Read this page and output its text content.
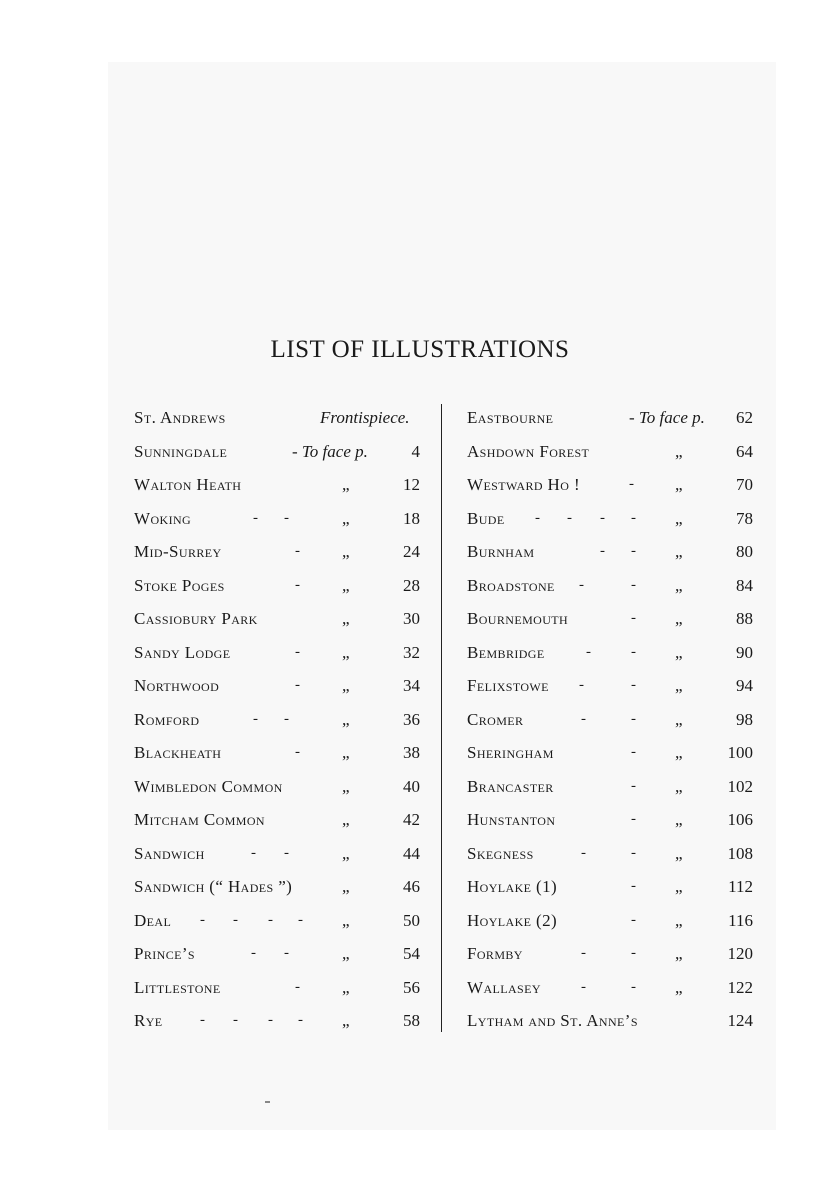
LIST OF ILLUSTRATIONS
St. Andrews	Frontispiece.
Sunningdale	- To face p.	4
Walton Heath	„	12
Woking	- - „	18
Mid-Surrey	- „	24
Stoke Poges	- „	28
Cassiobury Park	„	30
Sandy Lodge	- „	32
Northwood	- „	34
Romford	- - „	36
Blackheath	- „	38
Wimbledon Common	„	40
Mitcham Common	„	42
Sandwich	- - „	44
Sandwich (“ Hades ”)	„	46
Deal - - - - „	50
Prince’s	- - „	54
Littlestone	- „	56
Rye - - - - „	58
Eastbourne	- To face p. 62
Ashdown Forest	„	64
Westward Ho !	- „	70
Bude - - - - „	78
Burnham	- - „	80
Broadstone - - „	84
Bournemouth	- „	88
Bembridge	- - „	90
Felixstowe - - „	94
Cromer	- - „	98
Sheringham	- „	100
Brancaster	- „	102
Hunstanton	- „	106
Skegness	- - „	108
Hoylake (1)	- „	112
Hoylake (2)	- „	116
Formby	- - „	120
Wallasey	- - „	122
Lytham and St. Anne’s	124
